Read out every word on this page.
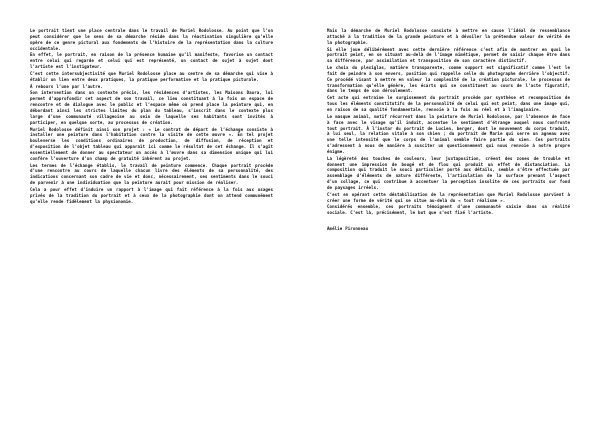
Le portrait tient une place centrale dans le travail de Muriel Rodolosse. Au point que l’on peut considérer que le sens de sa démarche réside dans la réactivation singulière qu’elle opère de ce genre pictural aux fondements de l’histoire de la représentation dans la culture occidentale.

En effet, le portrait, en raison de la présence humaine qu’il manifeste, favorise un contact entre celui qui regarde et celui qui est représenté, un contact de sujet à sujet dont l’artiste est l’instigateur.

C’est cette intersubjectivité que Muriel Rodolosse place au centre de sa démarche qui vise à établir un lien entre deux pratiques, la pratique performative et la pratique picturale.

À rebours l’une par l’autre.

Son intervention dans un contexte précis, les résidences d’artistes, les Maisons Daura, lui permet d’approfondir cet aspect de son travail, ce lieu constituant à la fois un espace de rencontre et de dialogue avec le public et l’espace même où prend place la peinture qui, en débordant ainsi les strictes limites du plan du tableau, s’inscrit dans le contexte plus large d’une communauté villageoise au sein de laquelle ses habitants sont invités à participer, en quelque sorte, au processus de création.

Muriel Rodolosse définit ainsi son projet : « Le contrat de départ de l’échange consiste à installer une peinture dans l’habitation contre la visite de cette œuvre ». En tel projet bouleverse les conditions ordinaires de production, de diffusion, de réception et d’exposition de l’objet tableau qui apparaît ici comme le résultat de cet échange. Il s’agit essentiellement de donner au spectateur un accès à l’œuvre dans sa dimension unique qui lui confère l’ouverture d’un champ de gratuité inhérent au projet.

Les termes de l’échange établis, le travail de peinture commence. Chaque portrait procède d’une rencontre au cours de laquelle chacun livre des éléments de sa personnalité, des indications concernant son cadre de vie et donc, nécessairement, ses sentiments dans le souci de parvenir à une individuation que la peinture aurait pour mission de réaliser.

Cela a pour effet d’induire un rapport à l’image qui fait référence à la fois aux usages privés de la tradition du portrait et à ceux de la photographie dont on attend communément qu’elle rende fidèlement la physionomie.

Mais la démarche de Muriel Rodolosse consiste à mettre en cause l’idéal de ressemblance attaché à la tradition de la grande peinture et à dévoiler la prétendue valeur de vérité de la photographie.

Si elle joue délibérément avec cette dernière référence c’est afin de montrer en quoi le portrait peint, en se situant au-delà de l’image mimétique, permet de saisir chaque être dans sa différence, par assimilation et transposition de son caractère distinctif.

Le choix du plexiglas, matière transparente, comme support est significatif comme l’est le fait de peindre à son envers, position qui rappelle celle du photographe derrière l’objectif. Ce procédé visant à mettre en valeur la complexité de la création picturale, le processus de transformation qu’elle génère, les écarts qui se constituent au cours de l’acte figuratif, dans le temps de son déroulement.

Cet acte qui entraîne le surgissement du portrait procède par synthèse et recomposition de tous les éléments constitutifs de la personnalité de celui qui est peint, dans une image qui, en raison de sa qualité fondamentale, renvoie à la fois au réel et à l’imaginaire.

Le masque animal, motif récurrent dans la peinture de Muriel Rodolosse, par l’absence de face à face avec le visage qu’il induit, accentue le sentiment d’étrange auquel nous confronte tout portrait. À l’instar du portrait de Lucien, berger, dont le mouvement du corps traduit, à lui seul, la relation vitale à son chien ; du portrait de Marie qui serre un agneau avec une telle intensité que le corps de l’animal semble faire partie du sien. Ces portraits s’adressent à nous de manière à susciter un questionnement qui nous renvoie à notre propre énigme.

La légèreté des touches de couleurs, leur juxtaposition, créent des zones de trouble et donnent une impression de bougé et de flou qui produit un effet de distanciation. La composition qui traduit le souci particulier porté aux détails, semble s’être effectuée par assemblage d’éléments de nature différente, l’articulation de la surface prenant l’aspect d’un collage, ce qui contribue à accentuer la perception insolite de ces portraits sur fond de paysages irréels.

C’est en opérant cette déstabilisation de la représentation que Muriel Rodolosse parvient à créer une forme de vérité qui se situe au-delà du « tout réalisme ».

Considérés ensemble, ces portraits témoignent d’une communauté saisie dans sa réalité sociale. C’est là, précisément, le but que s’est fixé l’artiste.

Amélie Pironneau
